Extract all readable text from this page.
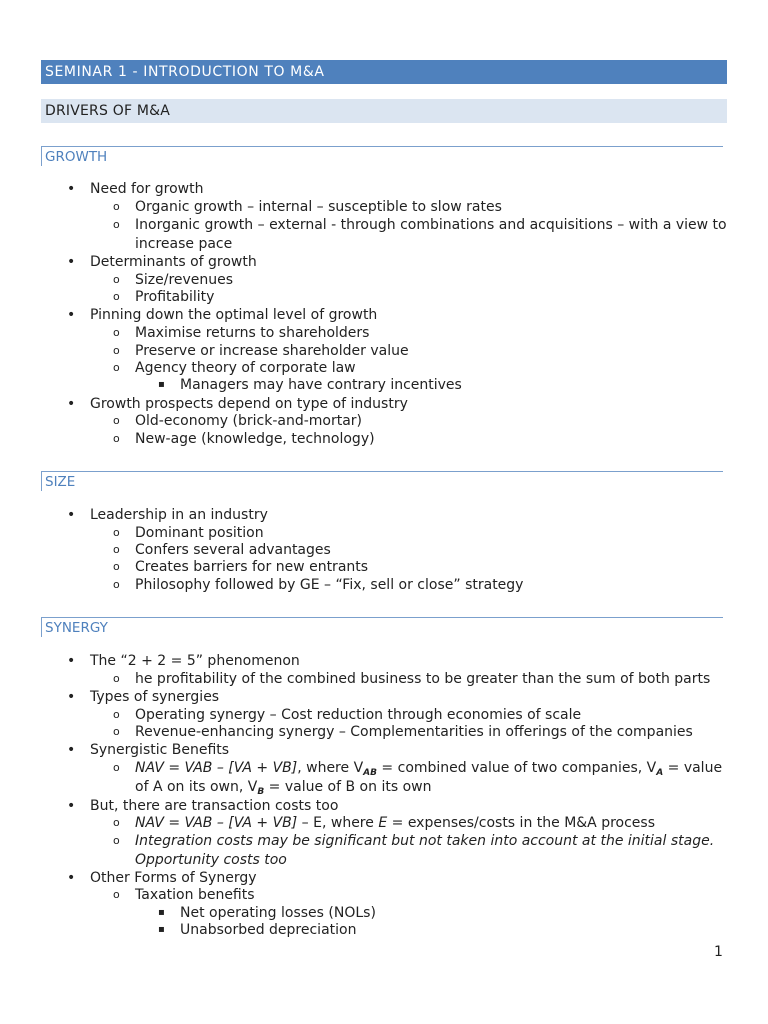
SEMINAR 1 - INTRODUCTION TO M&A
DRIVERS OF M&A
GROWTH
• Need for growth
o Organic growth – internal – susceptible to slow rates
o Inorganic growth – external - through combinations and acquisitions – with a view to
increase pace
• Determinants of growth
o Size/revenues
o Profitability
• Pinning down the optimal level of growth
o Maximise returns to shareholders
o Preserve or increase shareholder value
o Agency theory of corporate law
▪ Managers may have contrary incentives
• Growth prospects depend on type of industry
o Old-economy (brick-and-mortar)
o New-age (knowledge, technology)
SIZE
• Leadership in an industry
o Dominant position
o Confers several advantages
o Creates barriers for new entrants
o Philosophy followed by GE – “Fix, sell or close” strategy
SYNERGY
• The “2 + 2 = 5” phenomenon
o he profitability of the combined business to be greater than the sum of both parts
• Types of synergies
o Operating synergy – Cost reduction through economies of scale
o Revenue-enhancing synergy – Complementarities in offerings of the companies
• Synergistic Benefits
o NAV = VAB – [VA + VB], where $V_{AB}$ = combined value of two companies, $V_A$ = value
of A on its own, $V_B$ = value of B on its own
• But, there are transaction costs too
o NAV = VAB – [VA + VB] – E, where E = expenses/costs in the M&A process
o Integration costs may be significant but not taken into account at the initial stage.
Opportunity costs too
• Other Forms of Synergy
o Taxation benefits
▪ Net operating losses (NOLs)
▪ Unabsorbed depreciation
1
